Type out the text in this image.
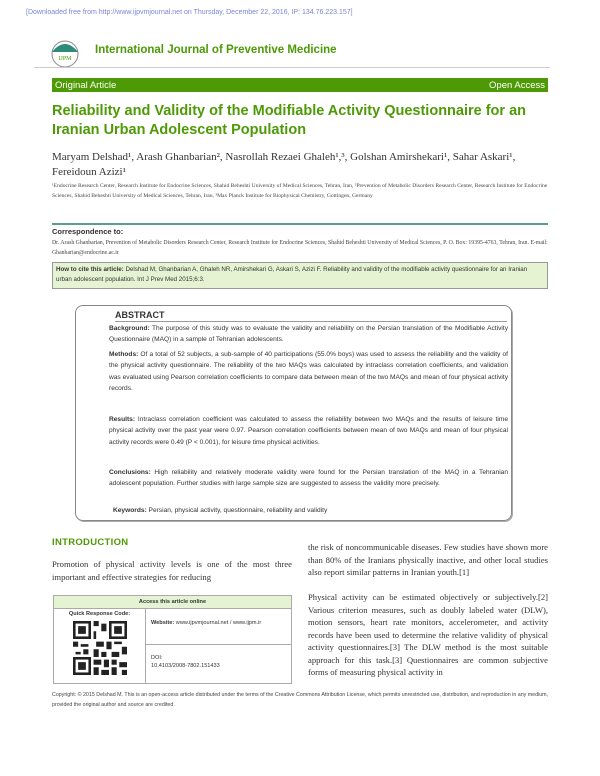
[Downloaded free from http://www.ijpvmjournal.net on Thursday, December 22, 2016, IP: 134.76.223.157]
IJPM
International Journal of Preventive Medicine
Original Article	Open Access
Reliability and Validity of the Modifiable Activity Questionnaire for an Iranian Urban Adolescent Population
Maryam Delshad¹, Arash Ghanbarian², Nasrollah Rezaei Ghaleh¹,³, Golshan Amirshekari¹, Sahar Askari¹, Fereidoun Azizi¹
¹Endocrine Research Center, Research Institute for Endocrine Sciences, Shahid Beheshti University of Medical Sciences, Tehran, Iran, ²Prevention of Metabolic Disorders Research Center, Research Institute for Endocrine Sciences, Shahid Beheshti University of Medical Sciences, Tehran, Iran, ³Max Planck Institute for Biophysical Chemistry, Gottingen, Germany
Correspondence to:
Dr. Arash Ghanbarian, Prevention of Metabolic Disorders Research Center, Research Institute for Endocrine Sciences, Shahid Beheshti University of Medical Sciences, P. O. Box: 19395-4763, Tehran, Iran. E-mail: Ghanbarian@endocrine.ac.ir
How to cite this article: Delshad M, Ghanbarian A, Ghaleh NR, Amirshekari G, Askari S, Azizi F. Reliability and validity of the modifiable activity questionnaire for an Iranian urban adolescent population. Int J Prev Med 2015;6:3.
ABSTRACT
Background: The purpose of this study was to evaluate the validity and reliability on the Persian translation of the Modifiable Activity Questionnaire (MAQ) in a sample of Tehranian adolescents.
Methods: Of a total of 52 subjects, a sub-sample of 40 participations (55.0% boys) was used to assess the reliability and the validity of the physical activity questionnaire. The reliability of the two MAQs was calculated by intraclass correlation coefficients, and validation was evaluated using Pearson correlation coefficients to compare data between mean of the two MAQs and mean of four physical activity records.
Results: Intraclass correlation coefficient was calculated to assess the reliability between two MAQs and the results of leisure time physical activity over the past year were 0.97. Pearson correlation coefficients between mean of two MAQs and mean of four physical activity records were 0.49 (P < 0.001), for leisure time physical activities.
Conclusions: High reliability and relatively moderate validity were found for the Persian translation of the MAQ in a Tehranian adolescent population. Further studies with large sample size are suggested to assess the validity more precisely.
Keywords: Persian, physical activity, questionnaire, reliability and validity
INTRODUCTION
Promotion of physical activity levels is one of the most three important and effective strategies for reducing
Access this article online
Quick Response Code:
Website: www.ijpvmjournal.net / www.ijpm.ir
DOI:
10.4103/2008-7802.151433
the risk of noncommunicable diseases. Few studies have shown more than 80% of the Iranians physically inactive, and other local studies also report similar patterns in Iranian youth.[1]
Physical activity can be estimated objectively or subjectively.[2] Various criterion measures, such as doubly labeled water (DLW), motion sensors, heart rate monitors, accelerometer, and activity records have been used to determine the relative validity of physical activity questionnaires.[3] The DLW method is the most suitable approach for this task.[3] Questionnaires are common subjective forms of measuring physical activity in
Copyright: © 2015 Delshad M. This is an open-access article distributed under the terms of the Creative Commons Attribution License, which permits unrestricted use, distribution, and reproduction in any medium, provided the original author and source are credited.
